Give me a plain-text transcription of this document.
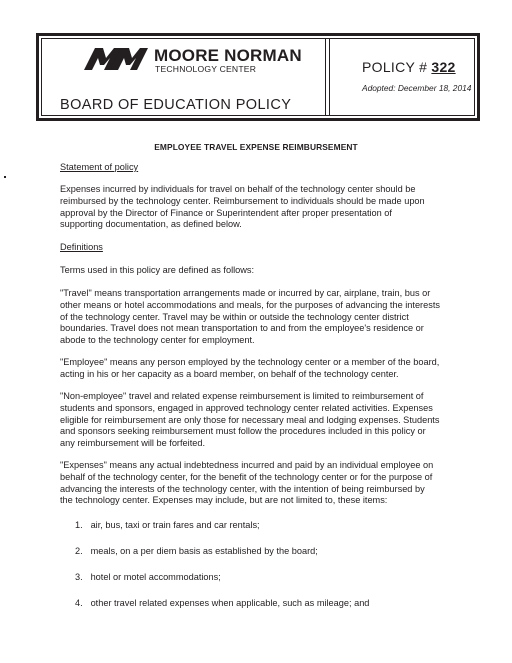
MOORE NORMAN
TECHNOLOGY CENTER
BOARD OF EDUCATION POLICY
POLICY # 322
Adopted: December 18, 2014
EMPLOYEE TRAVEL EXPENSE REIMBURSEMENT
Statement of policy
Expenses incurred by individuals for travel on behalf of the technology center should be
reimbursed by the technology center. Reimbursement to individuals should be made upon
approval by the Director of Finance or Superintendent after proper presentation of
supporting documentation, as defined below.
Definitions
Terms used in this policy are defined as follows:
"Travel" means transportation arrangements made or incurred by car, airplane, train, bus or
other means or hotel accommodations and meals, for the purposes of advancing the interests
of the technology center. Travel may be within or outside the technology center district
boundaries. Travel does not mean transportation to and from the employee's residence or
abode to the technology center for employment.
"Employee" means any person employed by the technology center or a member of the board,
acting in his or her capacity as a board member, on behalf of the technology center.
"Non-employee" travel and related expense reimbursement is limited to reimbursement of
students and sponsors, engaged in approved technology center related activities. Expenses
eligible for reimbursement are only those for necessary meal and lodging expenses. Students
and sponsors seeking reimbursement must follow the procedures included in this policy or
any reimbursement will be forfeited.
"Expenses" means any actual indebtedness incurred and paid by an individual employee on
behalf of the technology center, for the benefit of the technology center or for the purpose of
advancing the interests of the technology center, with the intention of being reimbursed by
the technology center. Expenses may include, but are not limited to, these items:
1. air, bus, taxi or train fares and car rentals;
2. meals, on a per diem basis as established by the board;
3. hotel or motel accommodations;
4. other travel related expenses when applicable, such as mileage; and
